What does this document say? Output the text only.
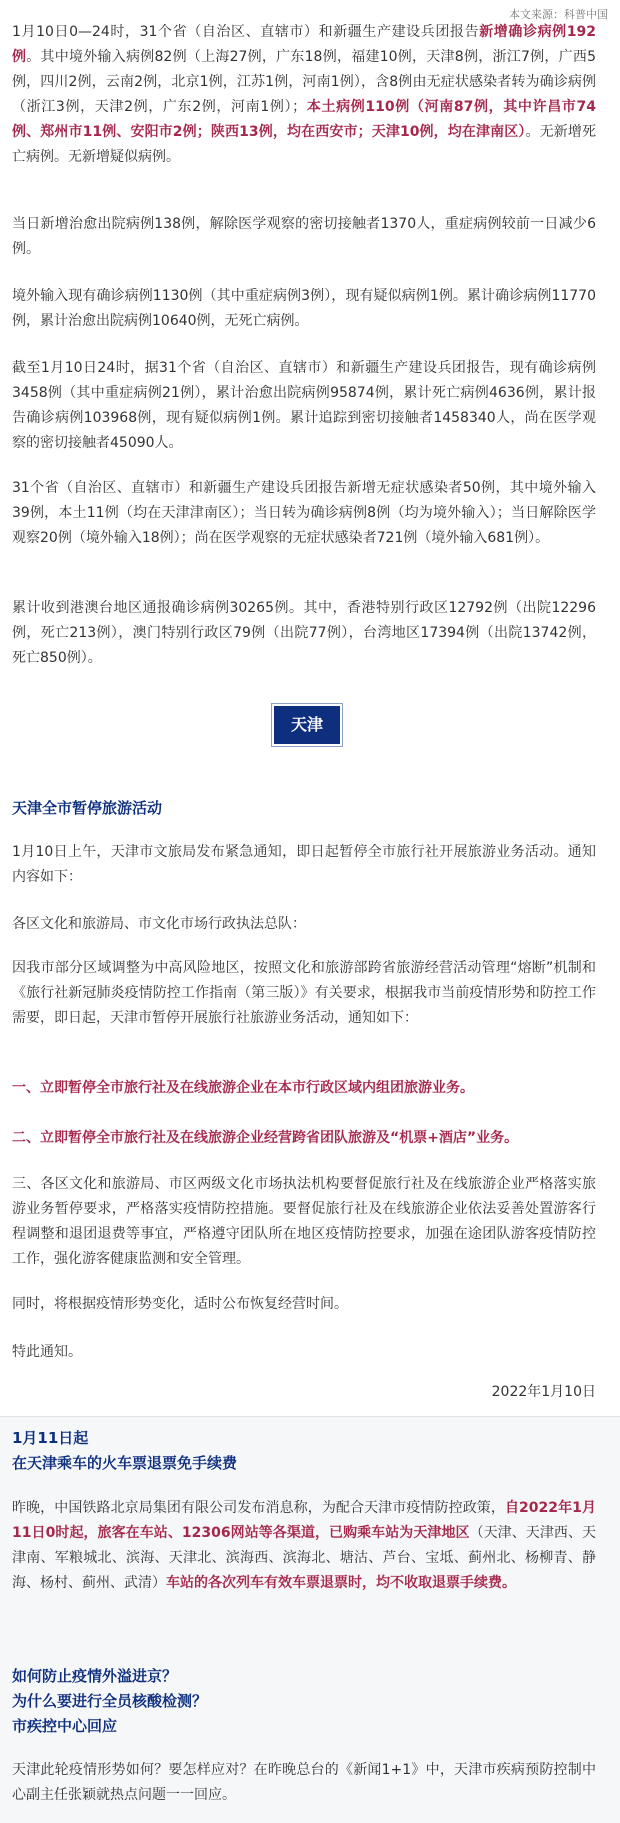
本文来源：科普中国

1月10日0—24时，31个省（自治区、直辖市）和新疆生产建设兵团报告新增确诊病例192例。其中境外输入病例82例（上海27例，广东18例，福建10例，天津8例，浙江7例，广西5例，四川2例，云南2例，北京1例，江苏1例，河南1例），含8例由无症状感染者转为确诊病例（浙江3例，天津2例，广东2例，河南1例）；本土病例110例（河南87例，其中许昌市74例、郑州市11例、安阳市2例；陕西13例，均在西安市；天津10例，均在津南区）。无新增死亡病例。无新增疑似病例。

当日新增治愈出院病例138例，解除医学观察的密切接触者1370人，重症病例较前一日减少6例。

境外输入现有确诊病例1130例（其中重症病例3例），现有疑似病例1例。累计确诊病例11770例，累计治愈出院病例10640例，无死亡病例。

截至1月10日24时，据31个省（自治区、直辖市）和新疆生产建设兵团报告，现有确诊病例3458例（其中重症病例21例），累计治愈出院病例95874例，累计死亡病例4636例，累计报告确诊病例103968例，现有疑似病例1例。累计追踪到密切接触者1458340人，尚在医学观察的密切接触者45090人。

31个省（自治区、直辖市）和新疆生产建设兵团报告新增无症状感染者50例，其中境外输入39例，本土11例（均在天津津南区）；当日转为确诊病例8例（均为境外输入）；当日解除医学观察20例（境外输入18例）；尚在医学观察的无症状感染者721例（境外输入681例）。

累计收到港澳台地区通报确诊病例30265例。其中，香港特别行政区12792例（出院12296例，死亡213例），澳门特别行政区79例（出院77例），台湾地区17394例（出院13742例，死亡850例）。

天津

天津全市暂停旅游活动

1月10日上午，天津市文旅局发布紧急通知，即日起暂停全市旅行社开展旅游业务活动。通知内容如下：

各区文化和旅游局、市文化市场行政执法总队：

因我市部分区域调整为中高风险地区，按照文化和旅游部跨省旅游经营活动管理“熔断”机制和《旅行社新冠肺炎疫情防控工作指南（第三版）》有关要求，根据我市当前疫情形势和防控工作需要，即日起，天津市暂停开展旅行社旅游业务活动，通知如下：

一、立即暂停全市旅行社及在线旅游企业在本市行政区域内组团旅游业务。

二、立即暂停全市旅行社及在线旅游企业经营跨省团队旅游及“机票+酒店”业务。

三、各区文化和旅游局、市区两级文化市场执法机构要督促旅行社及在线旅游企业严格落实旅游业务暂停要求，严格落实疫情防控措施。要督促旅行社及在线旅游企业依法妥善处置游客行程调整和退团退费等事宜，严格遵守团队所在地区疫情防控要求，加强在途团队游客疫情防控工作，强化游客健康监测和安全管理。

同时，将根据疫情形势变化，适时公布恢复经营时间。

特此通知。

2022年1月10日

1月11日起

在天津乘车的火车票退票免手续费

昨晚，中国铁路北京局集团有限公司发布消息称，为配合天津市疫情防控政策，自2022年1月11日0时起，旅客在车站、12306网站等各渠道，已购乘车站为天津地区（天津、天津西、天津南、军粮城北、滨海、天津北、滨海西、滨海北、塘沽、芦台、宝坻、蓟州北、杨柳青、静海、杨村、蓟州、武清）车站的各次列车有效车票退票时，均不收取退票手续费。

如何防止疫情外溢进京？

为什么要进行全员核酸检测？

市疾控中心回应

天津此轮疫情形势如何？要怎样应对？在昨晚总台的《新闻1+1》中，天津市疾病预防控制中心副主任张颖就热点问题一一回应。
